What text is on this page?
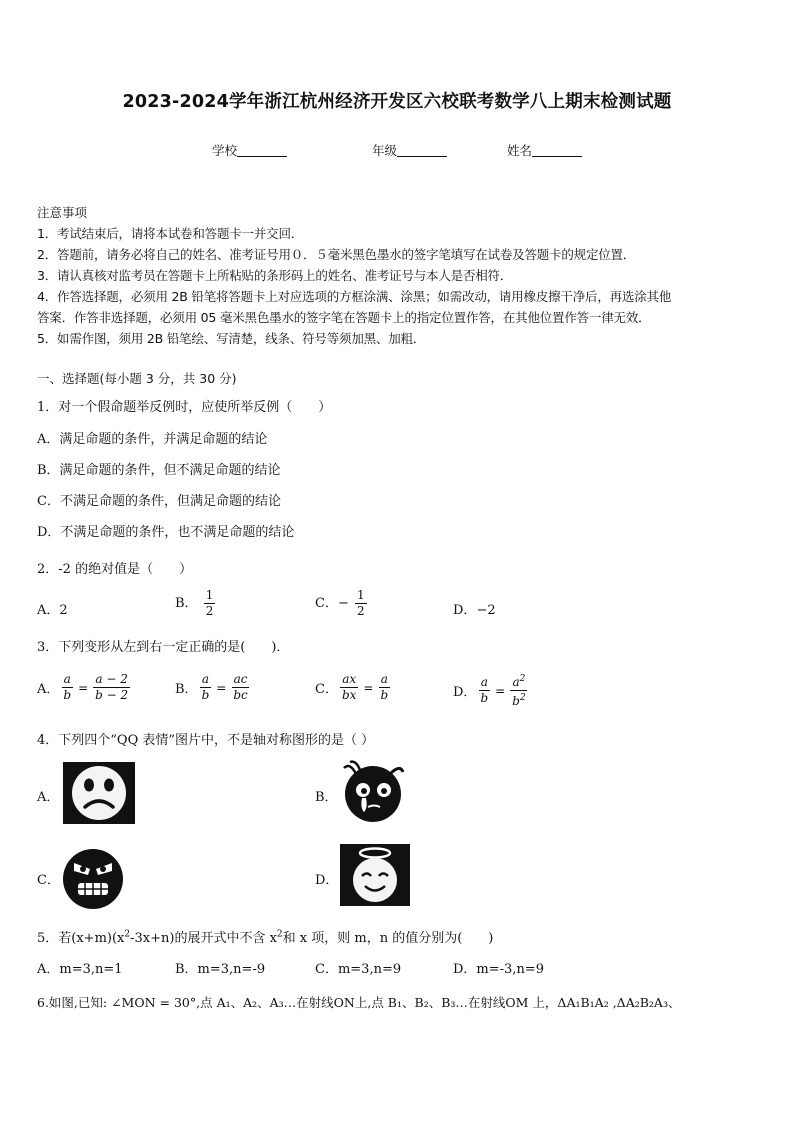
2023-2024学年浙江杭州经济开发区六校联考数学八上期末检测试题
学校	年级	姓名
注意事项
1．考试结束后，请将本试卷和答题卡一并交回．
2．答题前，请务必将自己的姓名、准考证号用０．５毫米黑色墨水的签字笔填写在试卷及答题卡的规定位置．
3．请认真核对监考员在答题卡上所粘贴的条形码上的姓名、准考证号与本人是否相符．
4．作答选择题，必须用 2B 铅笔将答题卡上对应选项的方框涂满、涂黑；如需改动，请用橡皮擦干净后，再选涂其他
答案．作答非选择题，必须用 05 毫米黑色墨水的签字笔在答题卡上的指定位置作答，在其他位置作答一律无效．
5．如需作图，须用 2B 铅笔绘、写清楚，线条、符号等须加黑、加粗．
一、选择题(每小题 3 分，共 30 分)
1．对一个假命题举反例时，应使所举反例（　　）
A．满足命题的条件，并满足命题的结论
B．满足命题的条件，但不满足命题的结论
C．不满足命题的条件，但满足命题的结论
D．不满足命题的条件，也不满足命题的结论
2．-2 的绝对值是（　　）
A．2	B． $\frac{1}{2}$	C．− $\frac{1}{2}$	D．−2
3．下列变形从左到右一定正确的是(　　)．
A． $\frac{a}{b} = \frac{a - 2}{b - 2}$	B． $\frac{a}{b} = \frac{ac}{bc}$	C． $\frac{ax}{bx} = \frac{a}{b}$	D． $\frac{a}{b} = \frac{a^2}{b^2}$
4．下列四个“QQ 表情”图片中，不是轴对称图形的是（ ）
A．	B．
C．	D．
5．若$(x+m)(x^2-3x+n)$的展开式中不含 $x^2$和 x 项，则 m，n 的值分别为(　　)
A．m=3,n=1	B．m=3,n=-9	C．m=3,n=9	D．m=-3,n=9
6.如图,已知: ∠MON = 30°,点 A₁、A₂、A₃…在射线ON上,点 B₁、B₂、B₃…在射线OM 上，ΔA₁B₁A₂ ,ΔA₂B₂A₃、
